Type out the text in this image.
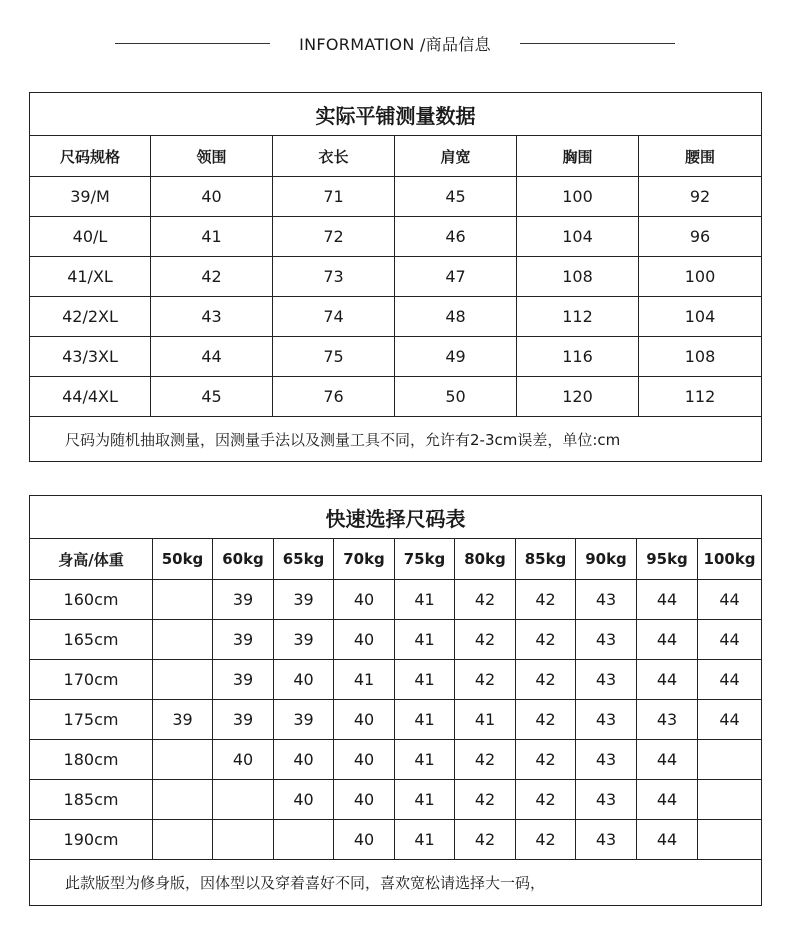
INFORMATION /商品信息
实际平铺测量数据					
尺码规格	领围	衣长	肩宽	胸围	腰围
39/M	40	71	45	100	92
40/L	41	72	46	104	96
41/XL	42	73	47	108	100
42/2XL	43	74	48	112	104
43/3XL	44	75	49	116	108
44/4XL	45	76	50	120	112
尺码为随机抽取测量，因测量手法以及测量工具不同，允许有2-3cm误差，单位:cm					
快速选择尺码表										
身高/体重	50kg	60kg	65kg	70kg	75kg	80kg	85kg	90kg	95kg	100kg
160cm		39	39	40	41	42	42	43	44	44
165cm		39	39	40	41	42	42	43	44	44
170cm		39	40	41	41	42	42	43	44	44
175cm	39	39	39	40	41	41	42	43	43	44
180cm		40	40	40	41	42	42	43	44	
185cm			40	40	41	42	42	43	44	
190cm				40	41	42	42	43	44	
此款版型为修身版，因体型以及穿着喜好不同，喜欢宽松请选择大一码，										
